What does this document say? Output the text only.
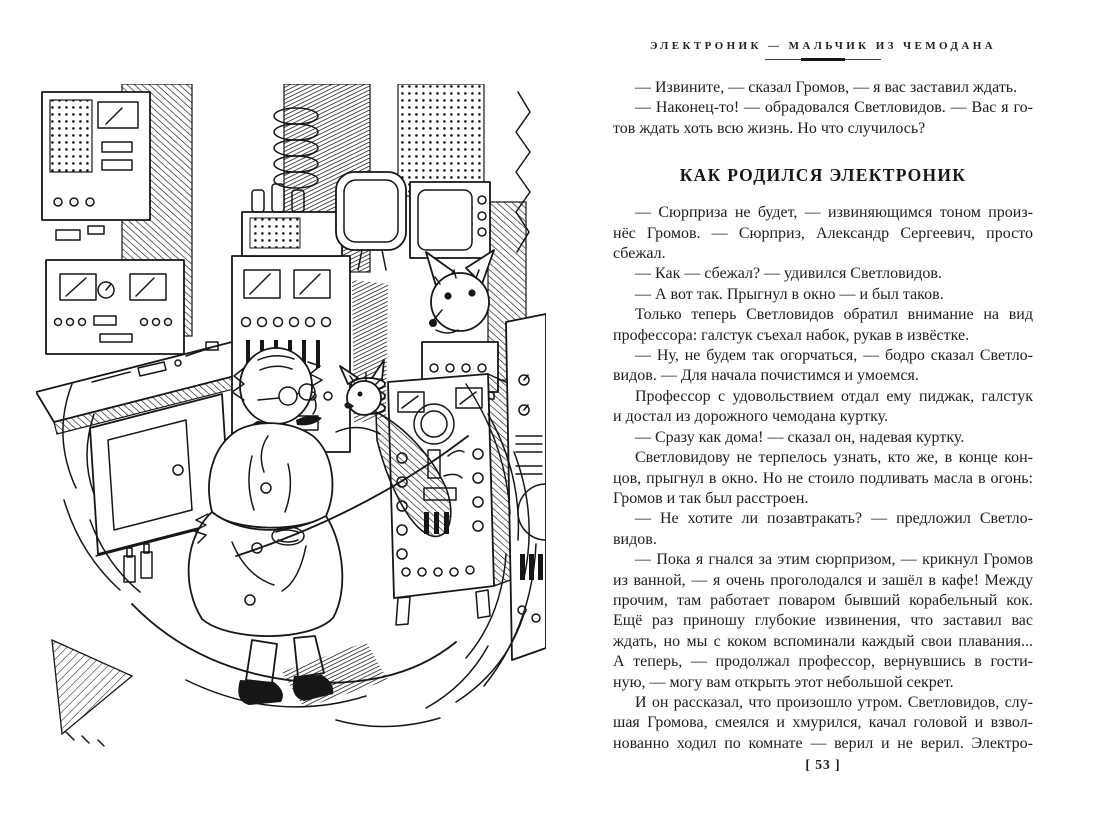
ЭЛЕКТРОНИК — МАЛЬЧИК ИЗ ЧЕМОДАНА
— Извините, — сказал Громов, — я вас заставил ждать.
— Наконец-то! — обрадовался Светловидов. — Вас я го-
тов ждать хоть всю жизнь. Но что случилось?
КАК РОДИЛСЯ ЭЛЕКТРОНИК
— Сюрприза не будет, — извиняющимся тоном произ-
нёс Громов. — Сюрприз, Александр Сергеевич, просто
сбежал.
— Как — сбежал? — удивился Светловидов.
— А вот так. Прыгнул в окно — и был таков.
Только теперь Светловидов обратил внимание на вид
профессора: галстук съехал набок, рукав в извёстке.
— Ну, не будем так огорчаться, — бодро сказал Светло-
видов. — Для начала почистимся и умоемся.
Профессор с удовольствием отдал ему пиджак, галстук
и достал из дорожного чемодана куртку.
— Сразу как дома! — сказал он, надевая куртку.
Светловидову не терпелось узнать, кто же, в конце кон-
цов, прыгнул в окно. Но не стоило подливать масла в огонь:
Громов и так был расстроен.
— Не хотите ли позавтракать? — предложил Светло-
видов.
— Пока я гнался за этим сюрпризом, — крикнул Громов
из ванной, — я очень проголодался и зашёл в кафе! Между
прочим, там работает поваром бывший корабельный кок.
Ещё раз приношу глубокие извинения, что заставил вас
ждать, но мы с коком вспоминали каждый свои плавания...
А теперь, — продолжал профессор, вернувшись в гости-
ную, — могу вам открыть этот небольшой секрет.
И он рассказал, что произошло утром. Светловидов, слу-
шая Громова, смеялся и хмурился, качал головой и взвол-
нованно ходил по комнате — верил и не верил. Электро-
[ 53 ]
